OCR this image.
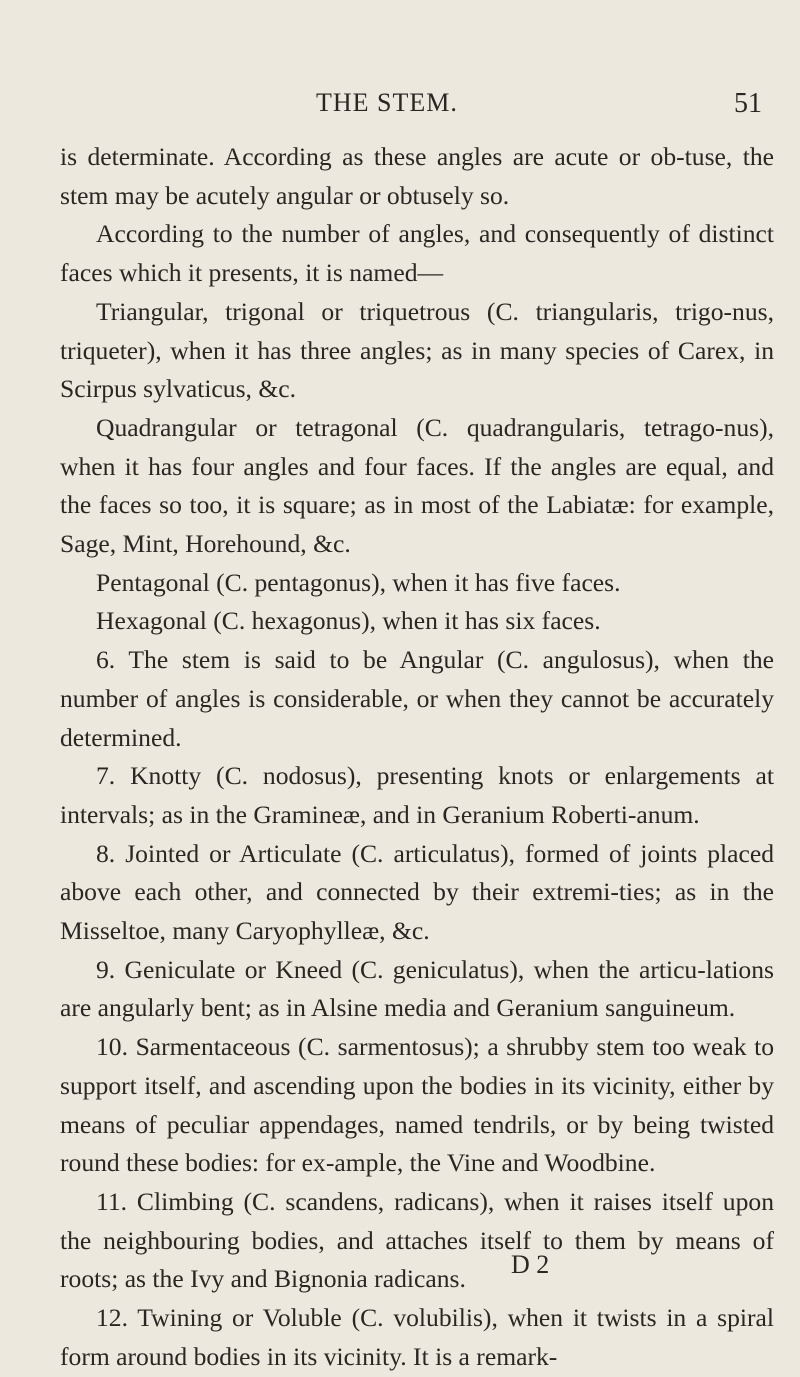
THE STEM.	51

is determinate. According as these angles are acute or ob-tuse, the stem may be acutely angular or obtusely so.

According to the number of angles, and consequently of distinct faces which it presents, it is named—

Triangular, trigonal or triquetrous (C. triangularis, trigo-nus, triqueter), when it has three angles; as in many species of Carex, in Scirpus sylvaticus, &c.

Quadrangular or tetragonal (C. quadrangularis, tetrago-nus), when it has four angles and four faces. If the angles are equal, and the faces so too, it is square; as in most of the Labiatæ: for example, Sage, Mint, Horehound, &c.

Pentagonal (C. pentagonus), when it has five faces.

Hexagonal (C. hexagonus), when it has six faces.

6. The stem is said to be Angular (C. angulosus), when the number of angles is considerable, or when they cannot be accurately determined.

7. Knotty (C. nodosus), presenting knots or enlargements at intervals; as in the Gramineæ, and in Geranium Roberti-anum.

8. Jointed or Articulate (C. articulatus), formed of joints placed above each other, and connected by their extremi-ties; as in the Misseltoe, many Caryophylleæ, &c.

9. Geniculate or Kneed (C. geniculatus), when the articu-lations are angularly bent; as in Alsine media and Geranium sanguineum.

10. Sarmentaceous (C. sarmentosus); a shrubby stem too weak to support itself, and ascending upon the bodies in its vicinity, either by means of peculiar appendages, named tendrils, or by being twisted round these bodies: for ex-ample, the Vine and Woodbine.

11. Climbing (C. scandens, radicans), when it raises itself upon the neighbouring bodies, and attaches itself to them by means of roots; as the Ivy and Bignonia radicans.

12. Twining or Voluble (C. volubilis), when it twists in a spiral form around bodies in its vicinity. It is a remark-

D 2
